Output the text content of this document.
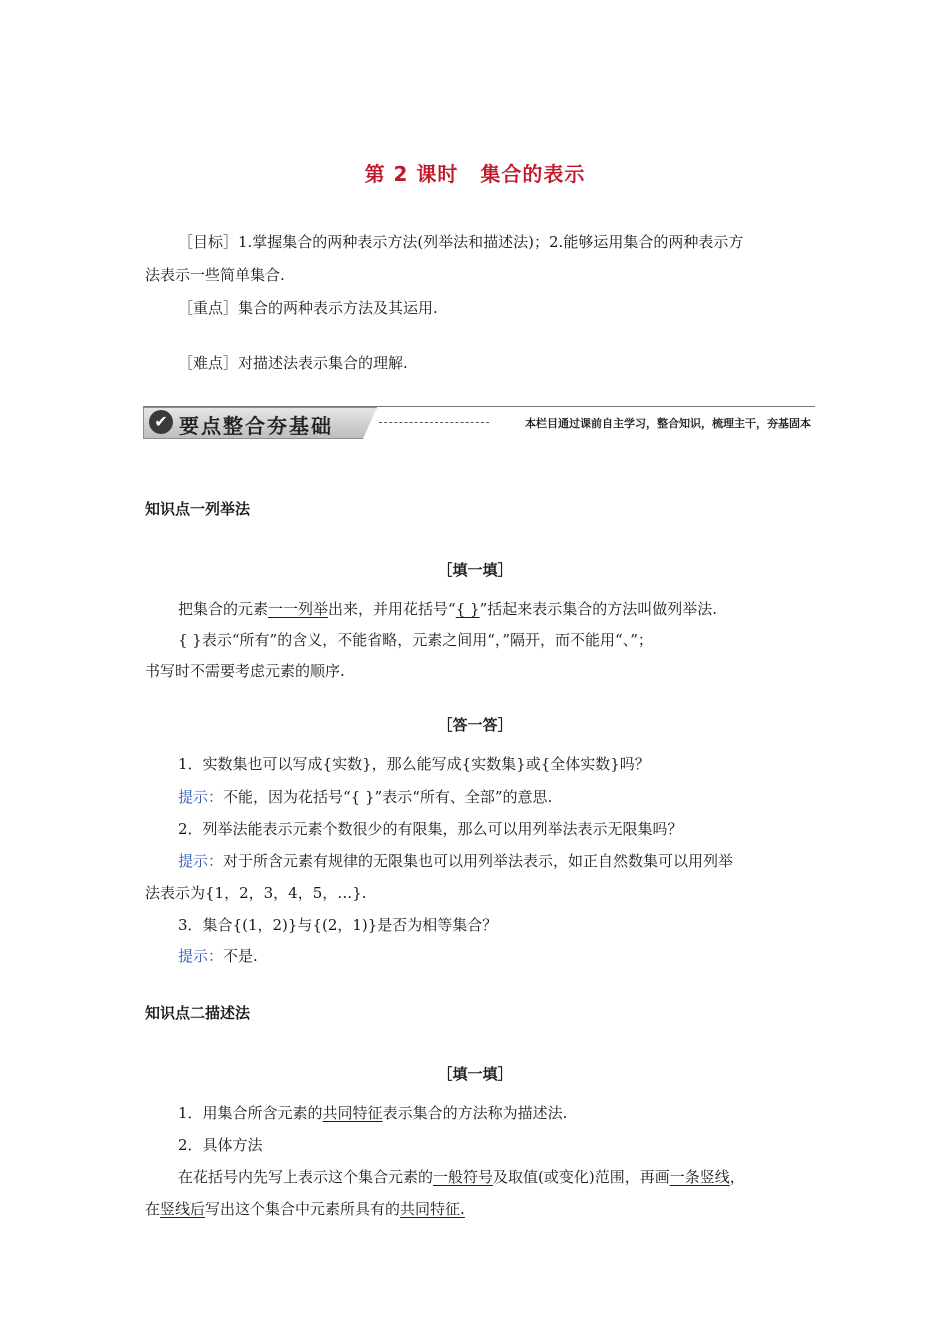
第 2 课时 集合的表示
［目标］1.掌握集合的两种表示方法(列举法和描述法)；2.能够运用集合的两种表示方
法表示一些简单集合.
［重点］集合的两种表示方法及其运用.
［难点］对描述法表示集合的理解.
✔ 要点整合夯基础	本栏目通过课前自主学习，整合知识，梳理主干，夯基固本
知识点一列举法
［填一填］
把集合的元素一一列举出来，并用花括号“{ }”括起来表示集合的方法叫做列举法.
{ }表示“所有”的含义，不能省略，元素之间用“，”隔开，而不能用“、”；
书写时不需要考虑元素的顺序.
［答一答］
1．实数集也可以写成{实数}，那么能写成{实数集}或{全体实数}吗？
提示：不能，因为花括号“{ }”表示“所有、全部”的意思.
2．列举法能表示元素个数很少的有限集，那么可以用列举法表示无限集吗？
提示：对于所含元素有规律的无限集也可以用列举法表示，如正自然数集可以用列举
法表示为{1，2，3，4，5，…}.
3．集合{(1，2)}与{(2，1)}是否为相等集合？
提示：不是.
知识点二描述法
［填一填］
1．用集合所含元素的共同特征表示集合的方法称为描述法.
2．具体方法
在花括号内先写上表示这个集合元素的一般符号及取值(或变化)范围，再画一条竖线，
在竖线后写出这个集合中元素所具有的共同特征.
